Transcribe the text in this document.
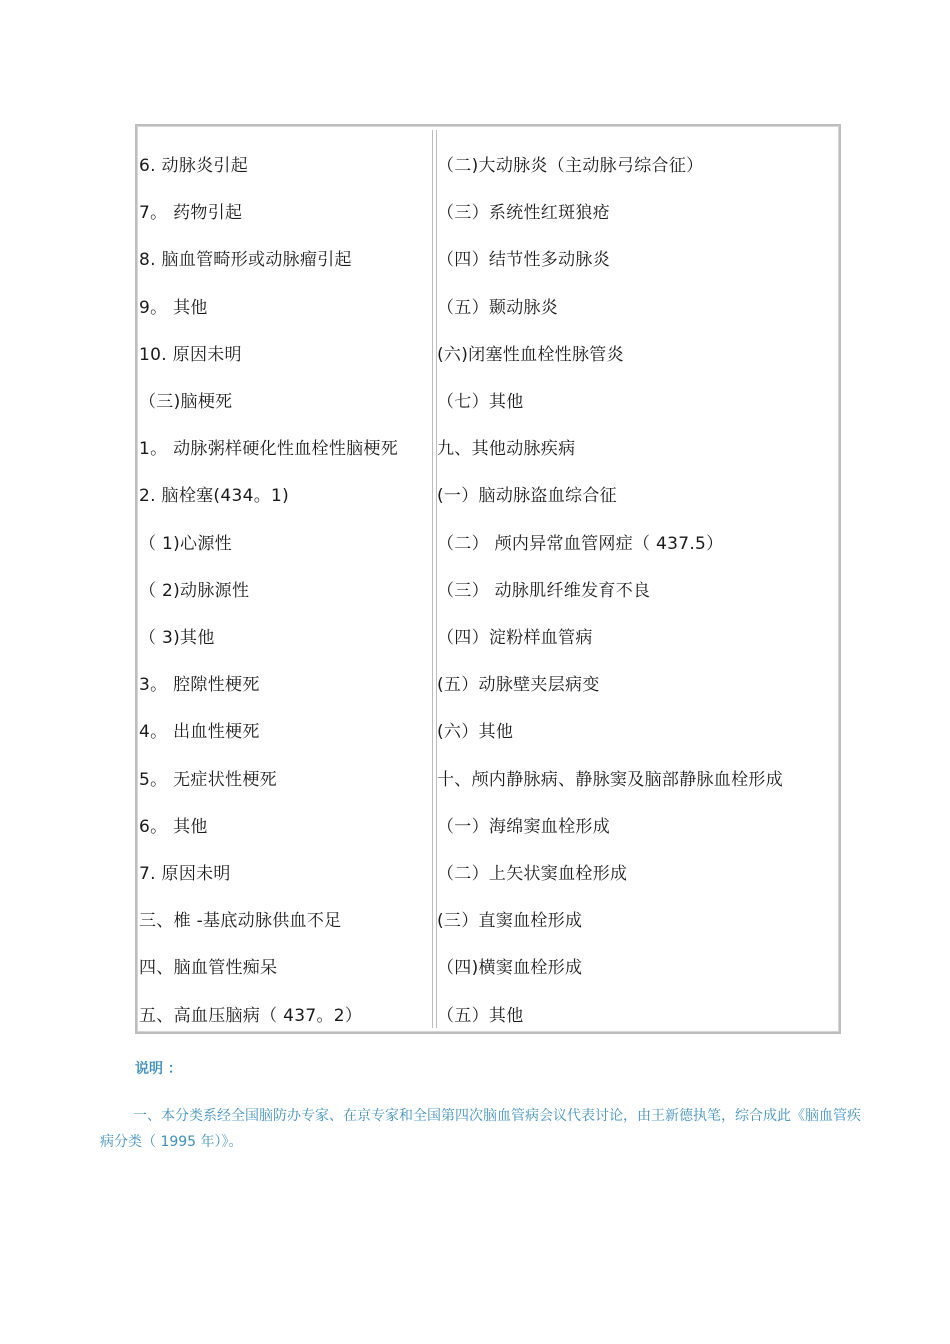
6. 动脉炎引起
7。 药物引起
8. 脑血管畸形或动脉瘤引起
9。 其他
10. 原因未明
（三)脑梗死
1。 动脉粥样硬化性血栓性脑梗死
2. 脑栓塞(434。1)
（ 1)心源性
（ 2)动脉源性
（ 3)其他
3。 腔隙性梗死
4。 出血性梗死
5。 无症状性梗死
6。 其他
7. 原因未明
三、椎 -基底动脉供血不足
四、脑血管性痴呆
五、高血压脑病（ 437。2）
（二)大动脉炎（主动脉弓综合征）
（三）系统性红斑狼疮
（四）结节性多动脉炎
（五）颞动脉炎
(六)闭塞性血栓性脉管炎
（七）其他
九、其他动脉疾病
(一）脑动脉盗血综合征
（二） 颅内异常血管网症（ 437.5）
（三） 动脉肌纤维发育不良
（四）淀粉样血管病
(五）动脉壁夹层病变
(六）其他
十、颅内静脉病、静脉窦及脑部静脉血栓形成
（一）海绵窦血栓形成
（二）上矢状窦血栓形成
(三）直窦血栓形成
（四)横窦血栓形成
（五）其他
说明 ：
一、本分类系经全国脑防办专家、在京专家和全国第四次脑血管病会议代表讨论，由王新德执笔，综合成此《脑血管疾病分类（ 1995 年）》。
